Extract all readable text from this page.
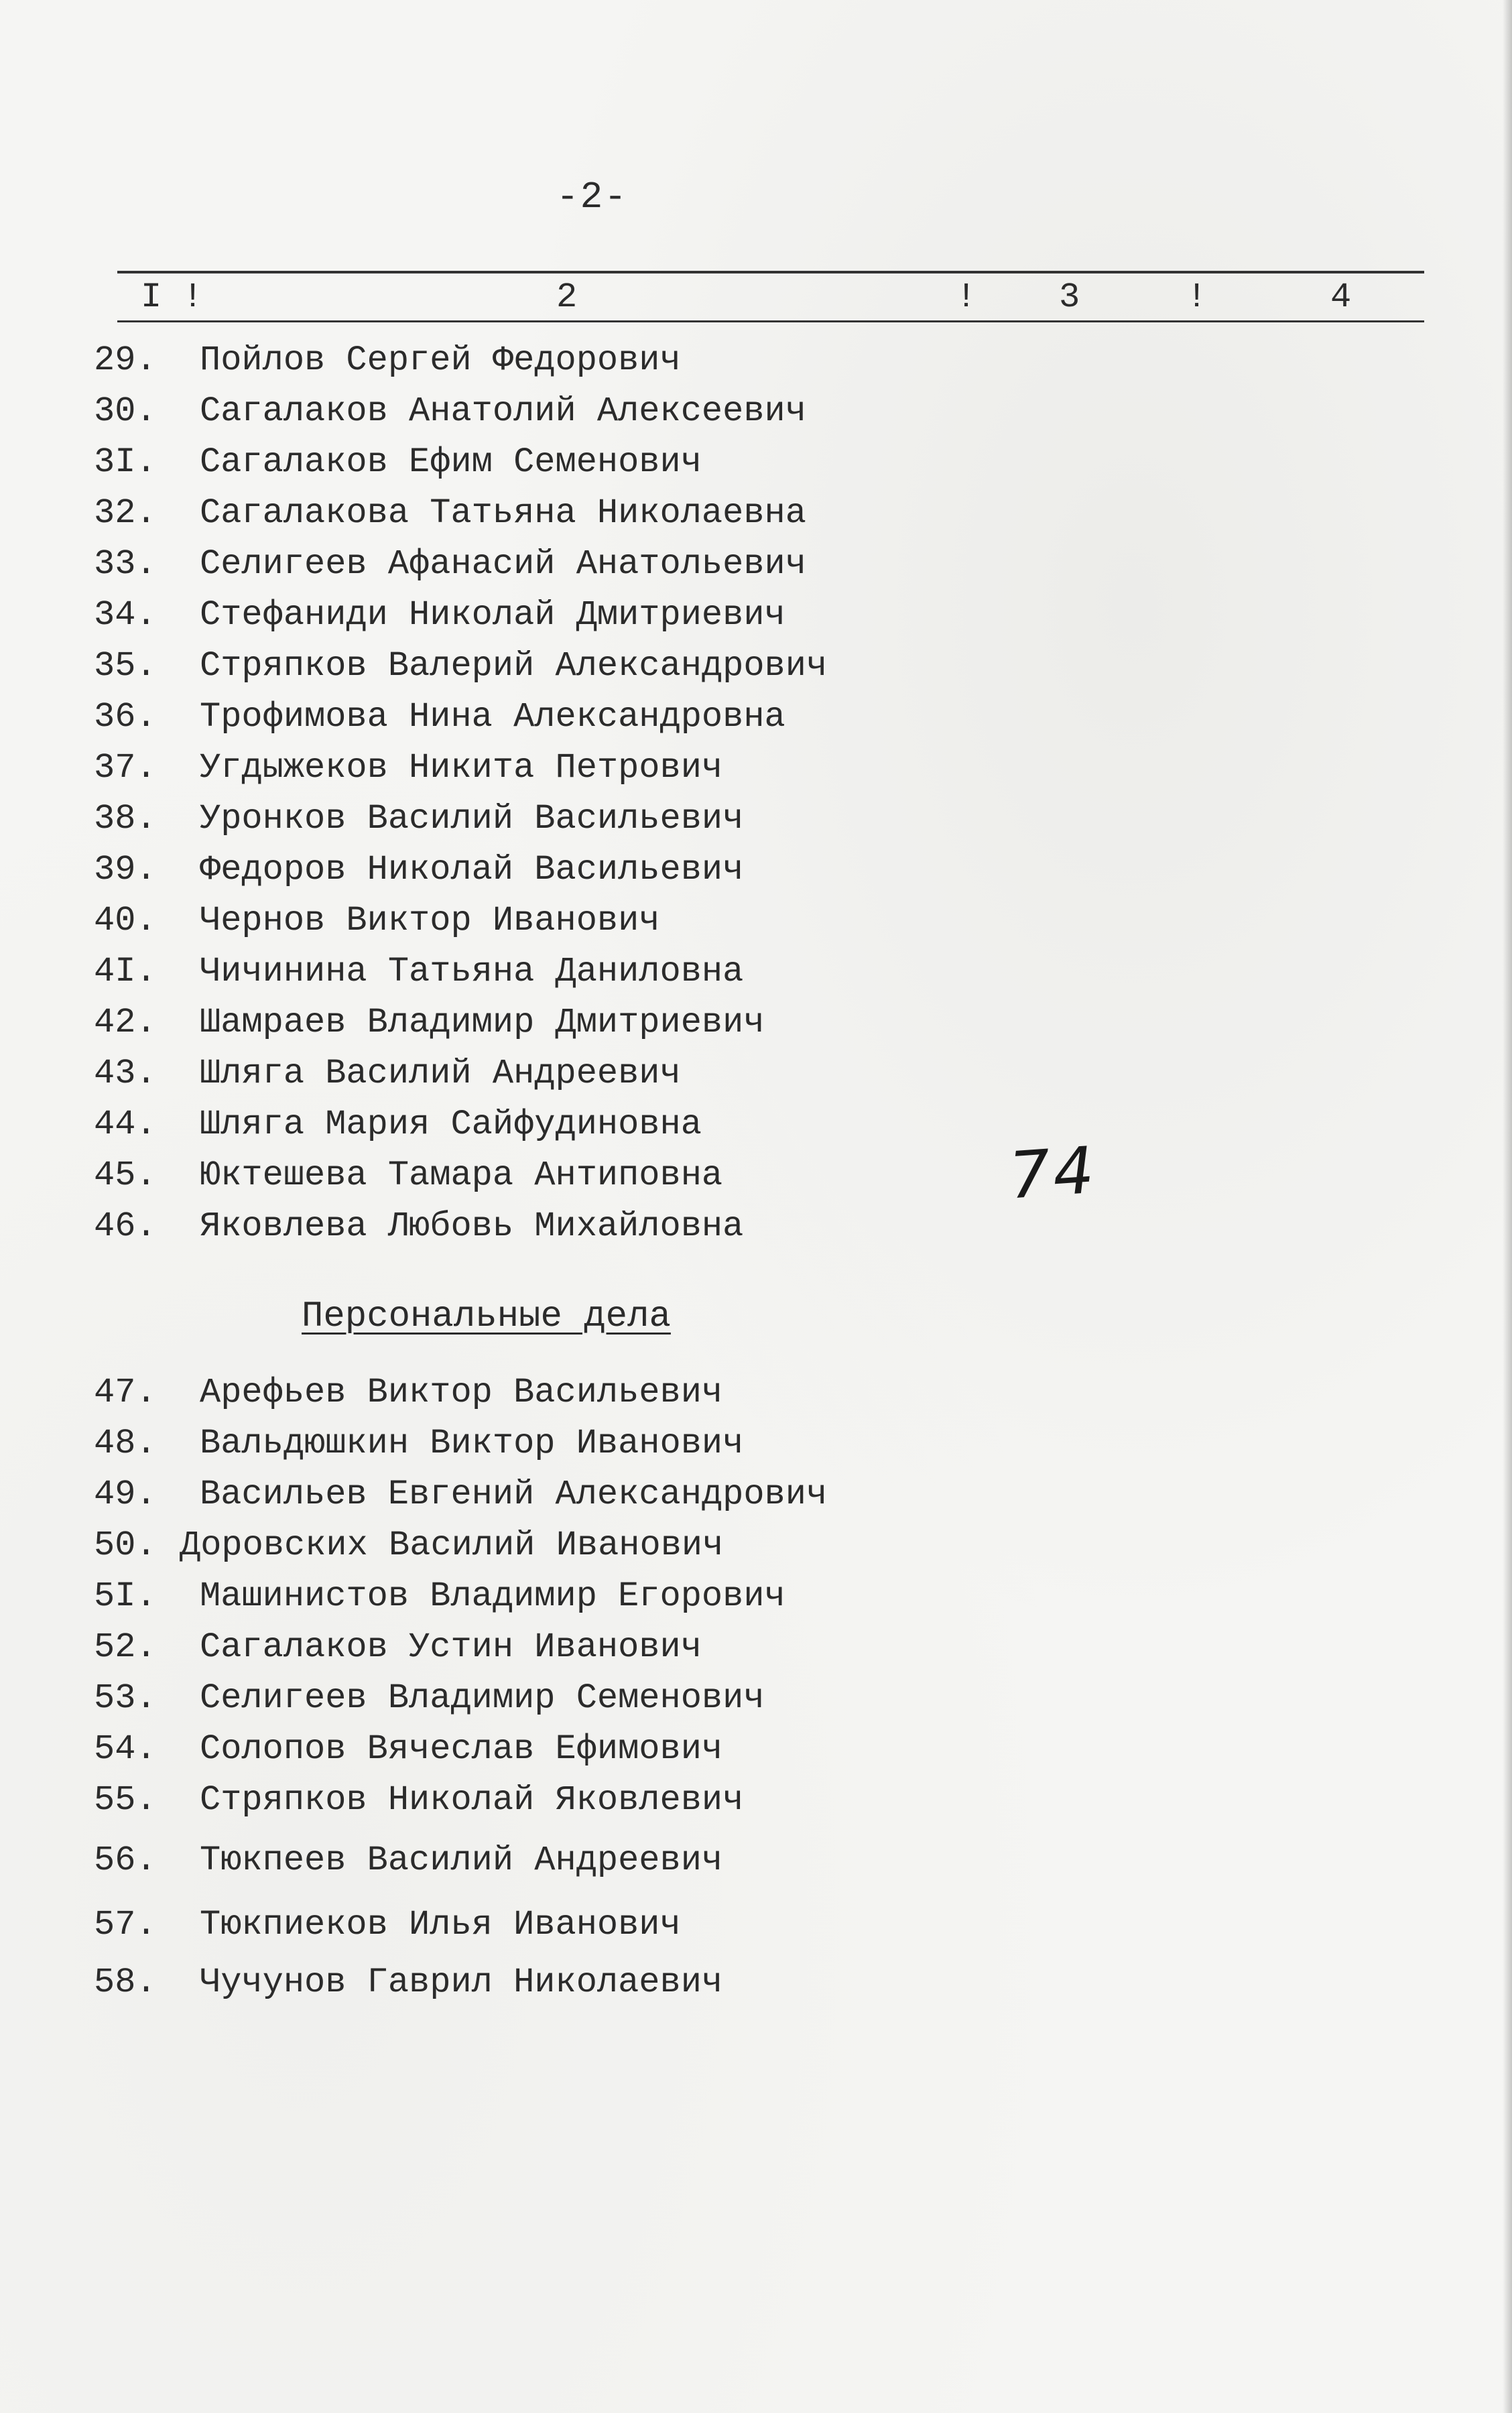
-2-
I !	2	! 3	!	4
29. Пойлов Сергей Федорович
30. Сагалаков Анатолий Алексеевич
3I. Сагалаков Ефим Семенович
32. Сагалакова Татьяна Николаевна
33. Селигеев Афанасий Анатольевич
34. Стефаниди Николай Дмитриевич
35. Стряпков Валерий Александрович
36. Трофимова Нина Александровна
37. Угдыжеков Никита Петрович
38. Уронков Василий Васильевич
39. Федоров Николай Васильевич
40. Чернов Виктор Иванович
4I. Чичинина Татьяна Даниловна
42. Шамраев Владимир Дмитриевич
43. Шляга Василий Андреевич
44. Шляга Мария Сайфудиновна
45. Юктешева Тамара Антиповна
46. Яковлева Любовь Михайловна
74
Персональные дела
47. Арефьев Виктор Васильевич
48. Вальдюшкин Виктор Иванович
49. Васильев Евгений Александрович
50. Доровских Василий Иванович
5I. Машинистов Владимир Егорович
52. Сагалаков Устин Иванович
53. Селигеев Владимир Семенович
54. Солопов Вячеслав Ефимович
55. Стряпков Николай Яковлевич
56. Тюкпеев Василий Андреевич
57. Тюкпиеков Илья Иванович
58. Чучунов Гаврил Николаевич
